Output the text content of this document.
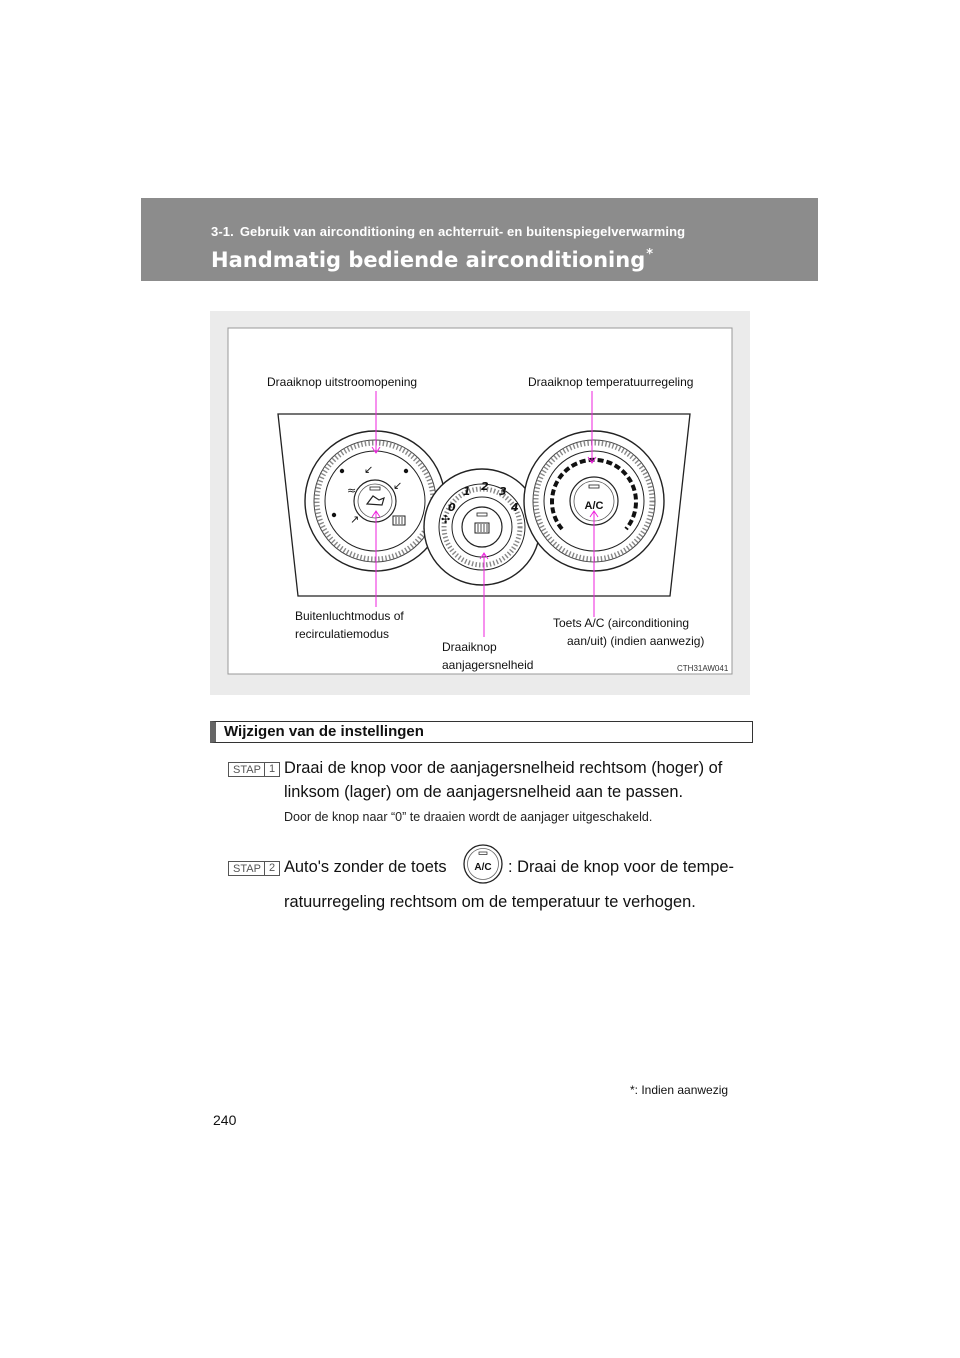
3-1. Gebruik van airconditioning en achterruit- en buitenspiegelverwarming
Handmatig bediende airconditioning*
≈
↙
↙
↗
0
1 2 3
4
✣
A/C
Draaiknop uitstroomopening	Draaiknop temperatuurregeling
Buitenluchtmodus of
recirculatiemodus
Draaiknop
aanjagersnelheid
Toets A/C (airconditioning
aan/uit) (indien aanwezig)
CTH31AW041
Wijzigen van de instellingen
STAP 1 Draai de knop voor de aanjagersnelheid rechtsom (hoger) of
linksom (lager) om de aanjagersnelheid aan te passen.
Door de knop naar “0” te draaien wordt de aanjager uitgeschakeld.
STAP 2 Auto's zonder de toets	A/C : Draai de knop voor de tempe-
ratuurregeling rechtsom om de temperatuur te verhogen.
*: Indien aanwezig
240
